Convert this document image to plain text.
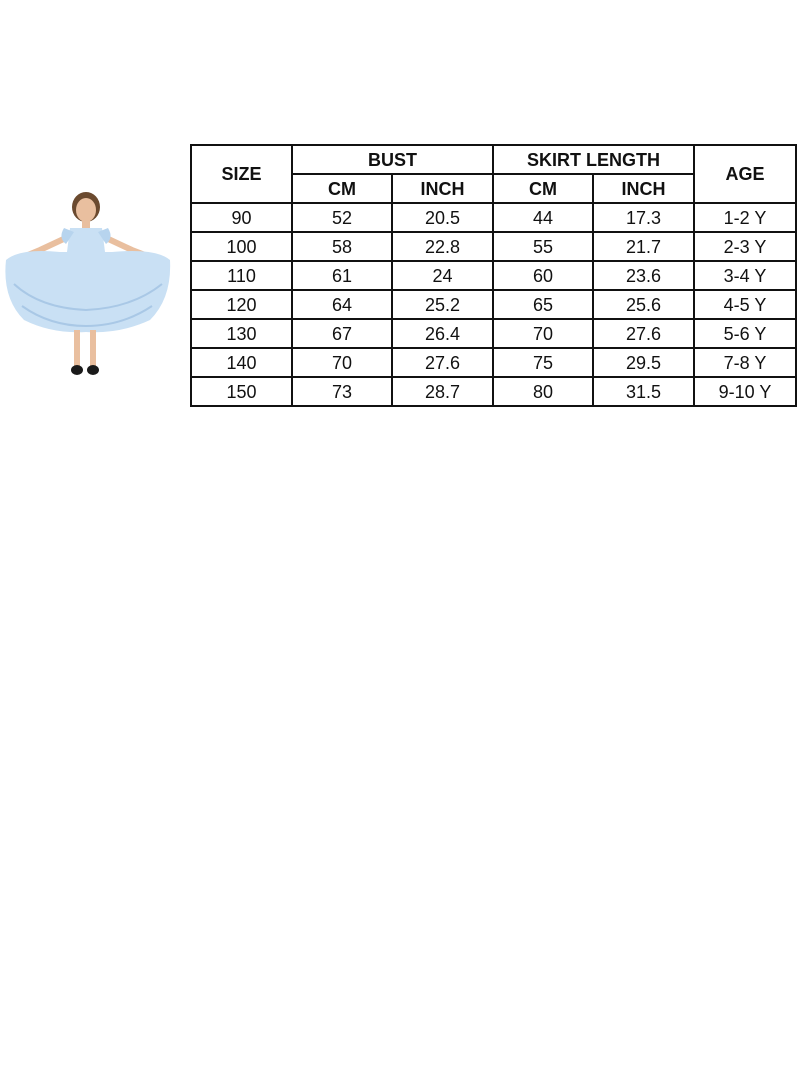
SIZE	BUST		SKIRT LENGTH		AGE
	CM	INCH	CM	INCH	
90	52	20.5	44	17.3	1-2 Y
100	58	22.8	55	21.7	2-3 Y
110	61	24	60	23.6	3-4 Y
120	64	25.2	65	25.6	4-5 Y
130	67	26.4	70	27.6	5-6 Y
140	70	27.6	75	29.5	7-8 Y
150	73	28.7	80	31.5	9-10 Y
